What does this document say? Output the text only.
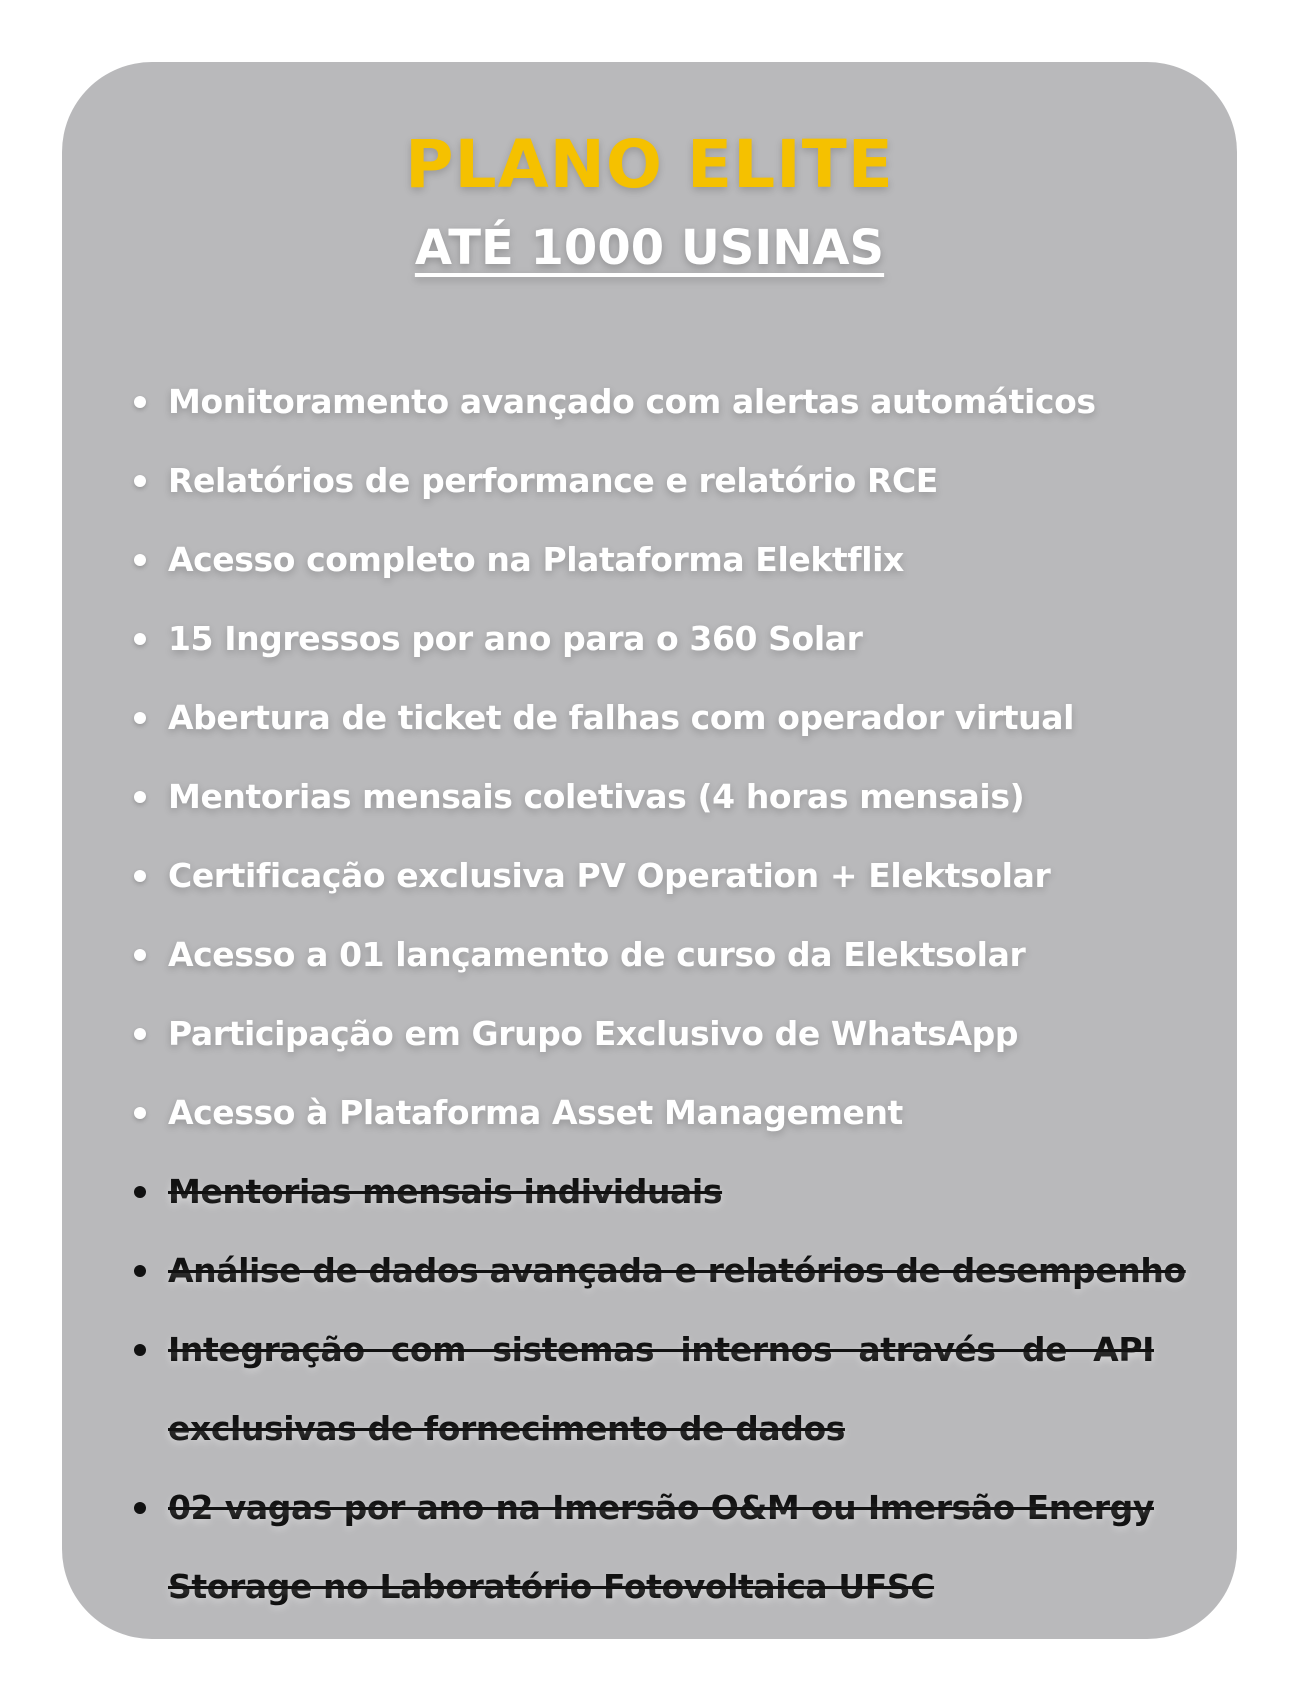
PLANO ELITE
ATÉ 1000 USINAS
Monitoramento avançado com alertas automáticos
Relatórios de performance e relatório RCE
Acesso completo na Plataforma Elektflix
15 Ingressos por ano para o 360 Solar
Abertura de ticket de falhas com operador virtual
Mentorias mensais coletivas (4 horas mensais)
Certificação exclusiva PV Operation + Elektsolar
Acesso a 01 lançamento de curso da Elektsolar
Participação em Grupo Exclusivo de WhatsApp
Acesso à Plataforma Asset Management
Mentorias mensais individuais
Análise de dados avançada e relatórios de desempenho
Integração com sistemas internos através de API exclusivas de fornecimento de dados
02 vagas por ano na Imersão O&M ou Imersão Energy Storage no Laboratório Fotovoltaica UFSC
